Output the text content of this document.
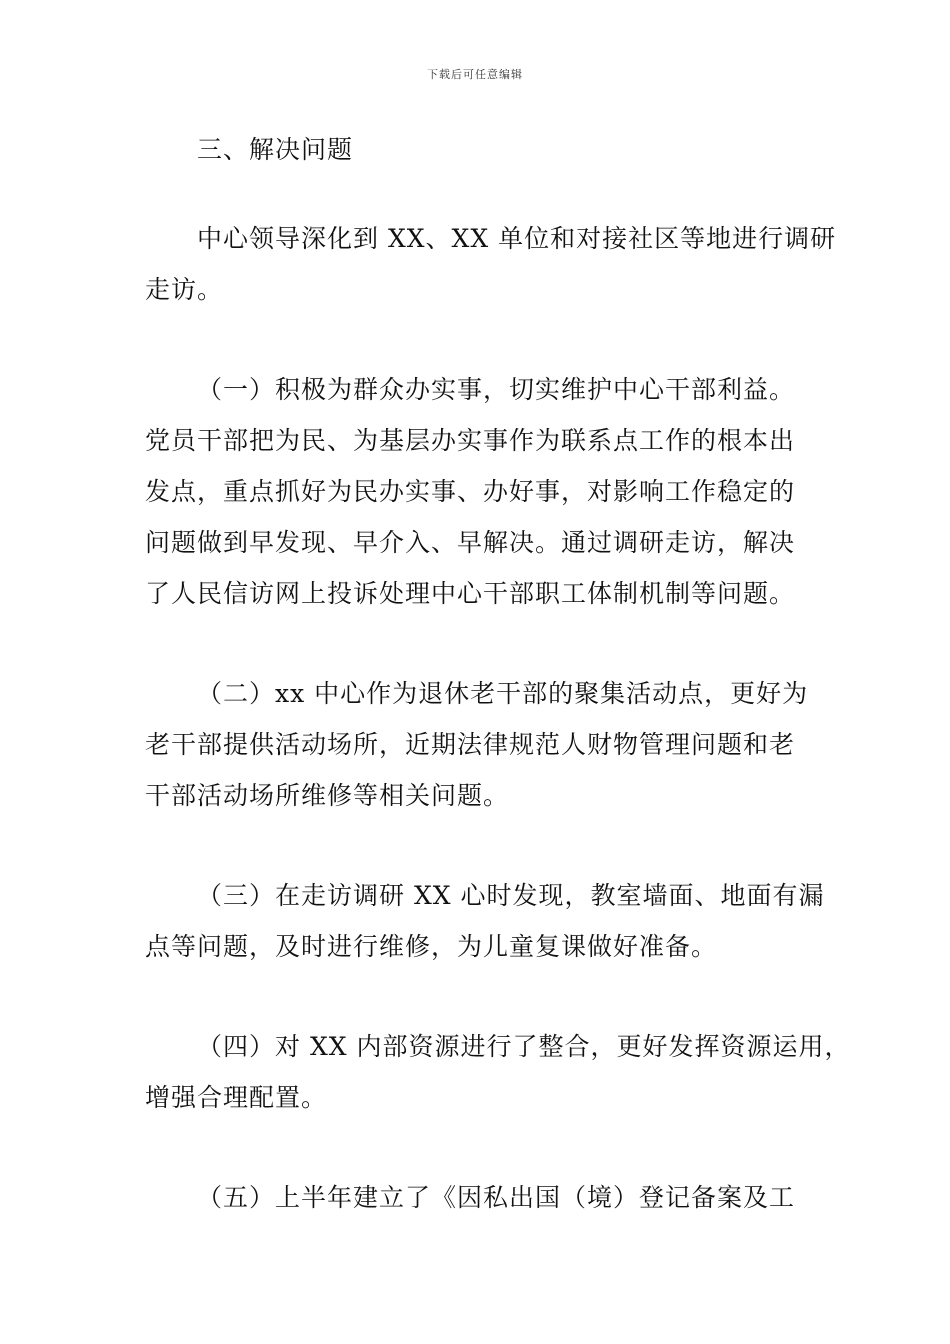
下载后可任意编辑
三、解决问题
中心领导深化到 XX、XX 单位和对接社区等地进行调研
走访。
（一）积极为群众办实事，切实维护中心干部利益。
党员干部把为民、为基层办实事作为联系点工作的根本出
发点，重点抓好为民办实事、办好事，对影响工作稳定的
问题做到早发现、早介入、早解决。通过调研走访，解决
了人民信访网上投诉处理中心干部职工体制机制等问题。
（二）xx 中心作为退休老干部的聚集活动点，更好为
老干部提供活动场所，近期法律规范人财物管理问题和老
干部活动场所维修等相关问题。
（三）在走访调研 XX 心时发现，教室墙面、地面有漏
点等问题，及时进行维修，为儿童复课做好准备。
（四）对 XX 内部资源进行了整合，更好发挥资源运用，
增强合理配置。
（五）上半年建立了《因私出国（境）登记备案及工
